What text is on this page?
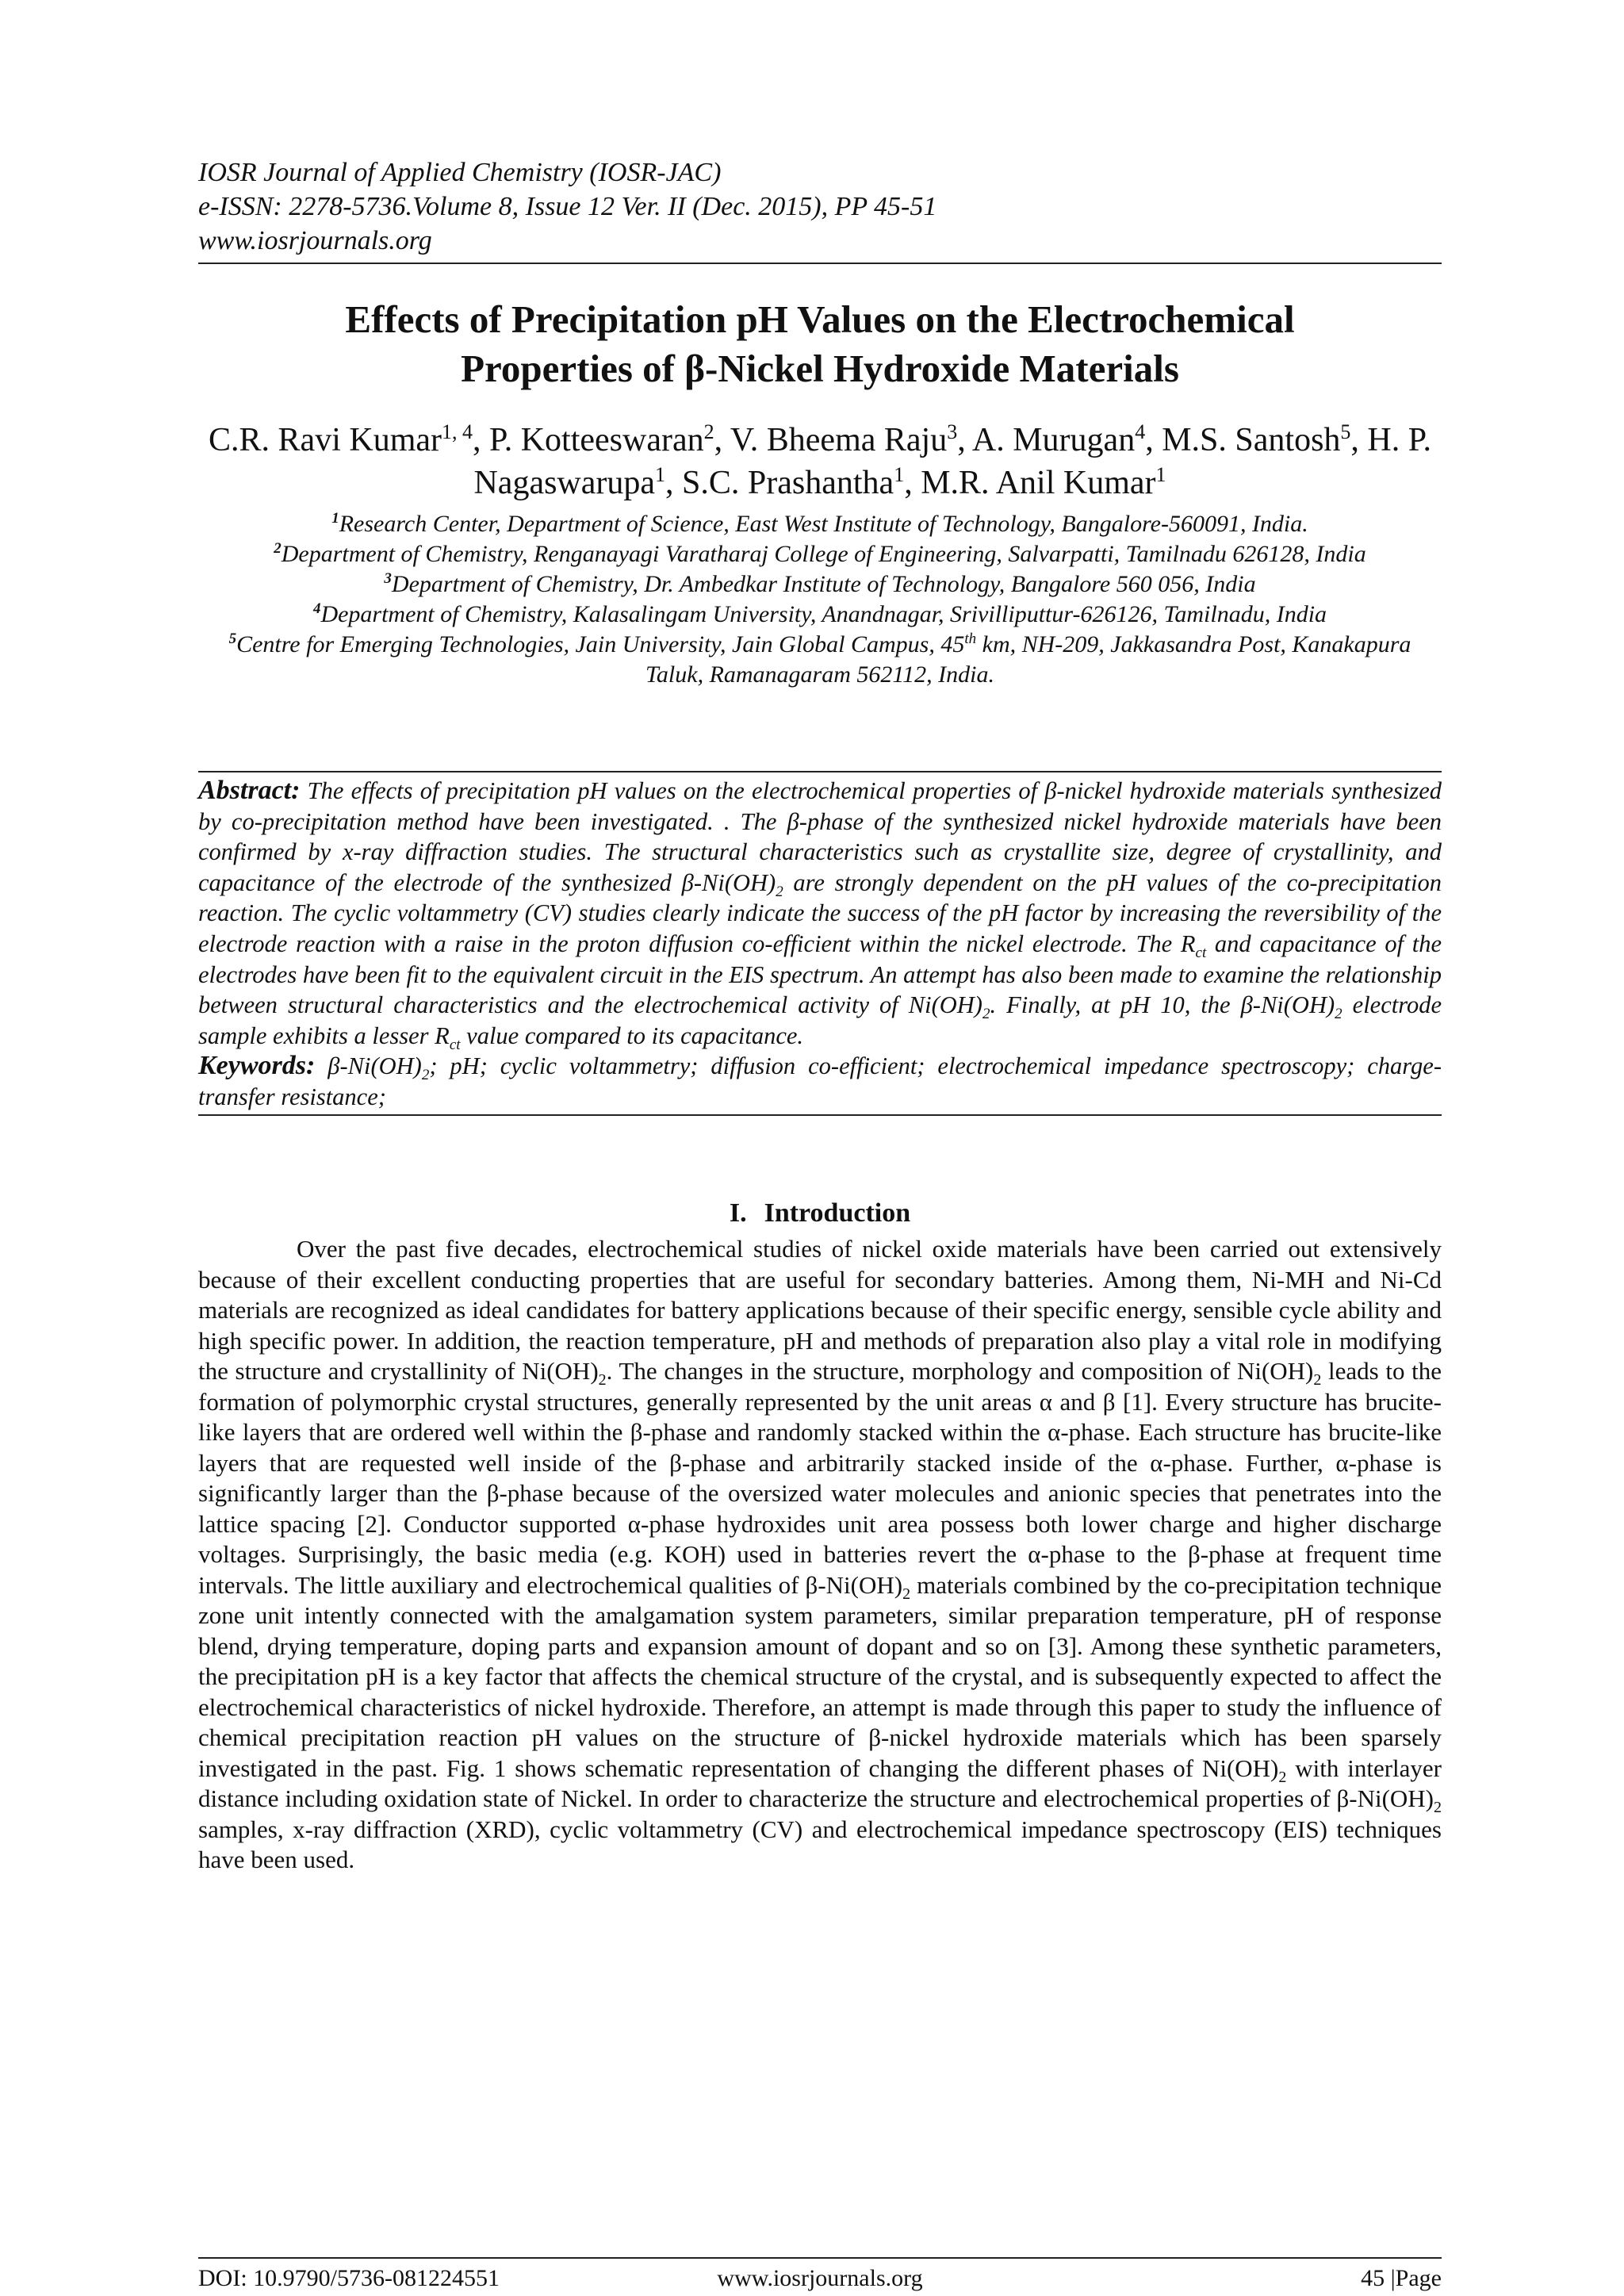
IOSR Journal of Applied Chemistry (IOSR-JAC)
e-ISSN: 2278-5736.Volume 8, Issue 12 Ver. II (Dec. 2015), PP 45-51
www.iosrjournals.org
Effects of Precipitation pH Values on the Electrochemical
Properties of β-Nickel Hydroxide Materials
C.R. Ravi Kumar$^{1, 4}$, P. Kotteeswaran$^2$, V. Bheema Raju$^3$, A. Murugan$^4$, M.S. Santosh$^5$, H. P. Nagaswarupa$^1$, S.C. Prashantha$^1$, M.R. Anil Kumar$^1$

$^1$Research Center, Department of Science, East West Institute of Technology, Bangalore-560091, India.

$^2$Department of Chemistry, Renganayagi Varatharaj College of Engineering, Salvarpatti, Tamilnadu 626128, India

$^3$Department of Chemistry, Dr. Ambedkar Institute of Technology, Bangalore 560 056, India

$^4$Department of Chemistry, Kalasalingam University, Anandnagar, Srivilliputtur-626126, Tamilnadu, India

$^5$Centre for Emerging Technologies, Jain University, Jain Global Campus, 45th km, NH-209, Jakkasandra Post, Kanakapura Taluk, Ramanagaram 562112, India.

Abstract: The effects of precipitation pH values on the electrochemical properties of β-nickel hydroxide materials synthesized by co-precipitation method have been investigated. . The β-phase of the synthesized nickel hydroxide materials have been confirmed by x-ray diffraction studies. The structural characteristics such as crystallite size, degree of crystallinity, and capacitance of the electrode of the synthesized $\beta-Ni(OH)_2$ are strongly dependent on the pH values of the co-precipitation reaction. The cyclic voltammetry (CV) studies clearly indicate the success of the pH factor by increasing the reversibility of the electrode reaction with a raise in the proton diffusion co-efficient within the nickel electrode. The $R_{ct}$ and capacitance of the electrodes have been fit to the equivalent circuit in the EIS spectrum. An attempt has also been made to examine the relationship between structural characteristics and the electrochemical activity of $Ni(OH)_2$. Finally, at pH 10, the $\beta-Ni(OH)_2$ electrode sample exhibits a lesser $R_{ct}$ value compared to its capacitance.

Keywords: $\beta-Ni(OH)_2$; pH; cyclic voltammetry; diffusion co-efficient; electrochemical impedance spectroscopy; charge-transfer resistance;

I. Introduction

Over the past five decades, electrochemical studies of nickel oxide materials have been carried out extensively because of their excellent conducting properties that are useful for secondary batteries. Among them, Ni-MH and Ni-Cd materials are recognized as ideal candidates for battery applications because of their specific energy, sensible cycle ability and high specific power. In addition, the reaction temperature, pH and methods of preparation also play a vital role in modifying the structure and crystallinity of $Ni(OH)_2$. The changes in the structure, morphology and composition of $Ni(OH)_2$ leads to the formation of polymorphic crystal structures, generally represented by the unit areas α and β [1]. Every structure has brucite-like layers that are ordered well within the β-phase and randomly stacked within the α-phase. Each structure has brucite-like layers that are requested well inside of the β-phase and arbitrarily stacked inside of the α-phase. Further, α-phase is significantly larger than the β-phase because of the oversized water molecules and anionic species that penetrates into the lattice spacing [2]. Conductor supported α-phase hydroxides unit area possess both lower charge and higher discharge voltages. Surprisingly, the basic media (e.g. KOH) used in batteries revert the α-phase to the β-phase at frequent time intervals. The little auxiliary and electrochemical qualities of $\beta-Ni(OH)_2$ materials combined by the co-precipitation technique zone unit intently connected with the amalgamation system parameters, similar preparation temperature, pH of response blend, drying temperature, doping parts and expansion amount of dopant and so on [3]. Among these synthetic parameters, the precipitation pH is a key factor that affects the chemical structure of the crystal, and is subsequently expected to affect the electrochemical characteristics of nickel hydroxide. Therefore, an attempt is made through this paper to study the influence of chemical precipitation reaction pH values on the structure of β-nickel hydroxide materials which has been sparsely investigated in the past. Fig. 1 shows schematic representation of changing the different phases of $Ni(OH)_2$ with interlayer distance including oxidation state of Nickel. In order to characterize the structure and electrochemical properties of $\beta-Ni(OH)_2$ samples, x-ray diffraction (XRD), cyclic voltammetry (CV) and electrochemical impedance spectroscopy (EIS) techniques have been used.

DOI: 10.9790/5736-081224551	www.iosrjournals.org	45 |Page
